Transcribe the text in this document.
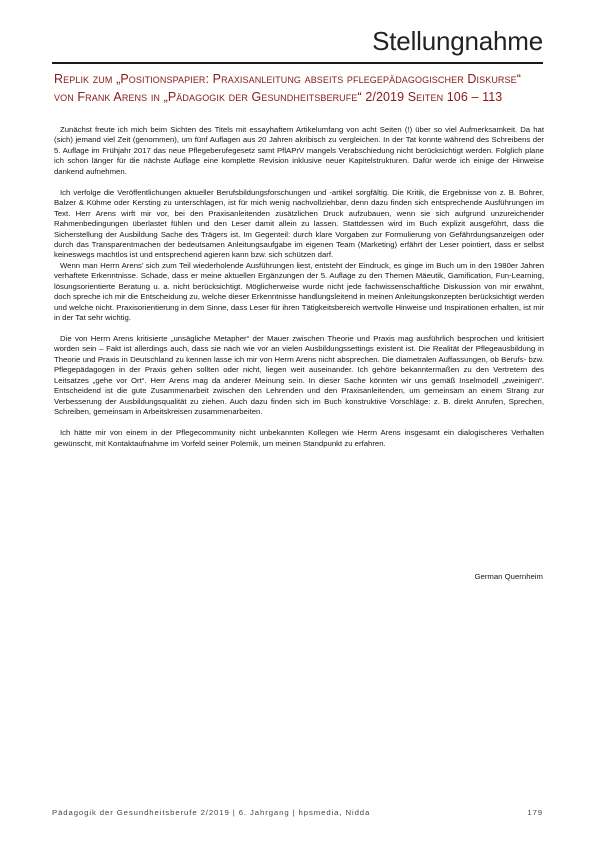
Stellungnahme
Replik zum „Positionspapier: Praxisanleitung abseits pflegepädagogischer Diskurse“
von Frank Arens in „Pädagogik der Gesundheitsberufe“ 2/2019 Seiten 106 – 113

Zunächst freute ich mich beim Sichten des Titels mit essayhaftem Artikelumfang von acht Seiten (!) über so viel Aufmerksamkeit. Da hat (sich) jemand viel Zeit (genommen), um fünf Auflagen aus 20 Jahren akribisch zu vergleichen. In der Tat konnte während des Schreibens der 5. Auflage im Frühjahr 2017 das neue Pflegeberufegesetz samt PflAPrV mangels Verabschiedung nicht berücksichtigt werden. Folglich plane ich schon länger für die nächste Auflage eine komplette Revision inklusive neuer Kapitelstrukturen. Dafür werde ich einige der Hinweise dankend aufnehmen.

Ich verfolge die Veröffentlichungen aktueller Berufsbildungsforschungen und -artikel sorgfältig. Die Kritik, die Ergebnisse von z. B. Bohrer, Balzer & Kühme oder Kersting zu unterschlagen, ist für mich wenig nachvollziehbar, denn dazu finden sich entsprechende Ausführungen im Text. Herr Arens wirft mir vor, bei den Praxisanleitenden zusätzlichen Druck aufzubauen, wenn sie sich aufgrund unzureichender Rahmenbedingungen überlastet fühlen und den Leser damit allein zu lassen. Stattdessen wird im Buch explizit ausgeführt, dass die Sicherstellung der Ausbildung Sache des Trägers ist. Im Gegenteil: durch klare Vorgaben zur Formulierung von Gefährdungsanzeigen oder durch das Transparentmachen der bedeutsamen Anleitungsaufgabe im eigenen Team (Marketing) erfährt der Leser pointiert, dass er selbst keineswegs machtlos ist und entsprechend agieren kann bzw. sich schützen darf.

Wenn man Herrn Arens’ sich zum Teil wiederholende Ausführungen liest, entsteht der Eindruck, es ginge im Buch um in den 1980er Jahren verhaftete Erkenntnisse. Schade, dass er meine aktuellen Ergänzungen der 5. Auflage zu den Themen Mäeutik, Gamification, Fun-Learning, lösungsorientierte Beratung u. a. nicht berücksichtigt. Möglicherweise wurde nicht jede fachwissenschaftliche Diskussion von mir erwähnt, doch spreche ich mir die Entscheidung zu, welche dieser Erkenntnisse handlungsleitend in meinen Anleitungskonzepten berücksichtigt werden und welche nicht. Praxisorientierung in dem Sinne, dass Leser für ihren Tätigkeitsbereich wertvolle Hinweise und Inspirationen erhalten, ist mir in der Tat sehr wichtig.

Die von Herrn Arens kritisierte „unsägliche Metapher“ der Mauer zwischen Theorie und Praxis mag ausführlich besprochen und kritisiert worden sein – Fakt ist allerdings auch, dass sie nach wie vor an vielen Ausbildungssettings existent ist. Die Realität der Pflegeausbildung in Theorie und Praxis in Deutschland zu kennen lasse ich mir von Herrn Arens nicht absprechen. Die diametralen Auffassungen, ob Berufs- bzw. Pflegepädagogen in der Praxis gehen sollten oder nicht, liegen weit auseinander. Ich gehöre bekanntermaßen zu den Vertretern des Leitsatzes „gehe vor Ort“. Herr Arens mag da anderer Meinung sein. In dieser Sache könnten wir uns gemäß Inselmodell „zweinigen“. Entscheidend ist die gute Zusammenarbeit zwischen den Lehrenden und den Praxisanleitenden, um gemeinsam an einem Strang zur Verbesserung der Ausbildungsqualität zu ziehen. Auch dazu finden sich im Buch konstruktive Vorschläge: z. B. direkt Anrufen, Sprechen, Schreiben, gemeinsam in Arbeitskreisen zusammenarbeiten.

Ich hätte mir von einem in der Pflegecommunity nicht unbekannten Kollegen wie Herrn Arens insgesamt ein dialogischeres Verhalten gewünscht, mit Kontaktaufnahme im Vorfeld seiner Polemik, um meinen Standpunkt zu erfahren.

German Quernheim
Pädagogik der Gesundheitsberufe 2/2019 | 6. Jahrgang | hpsmedia, Nidda	179
